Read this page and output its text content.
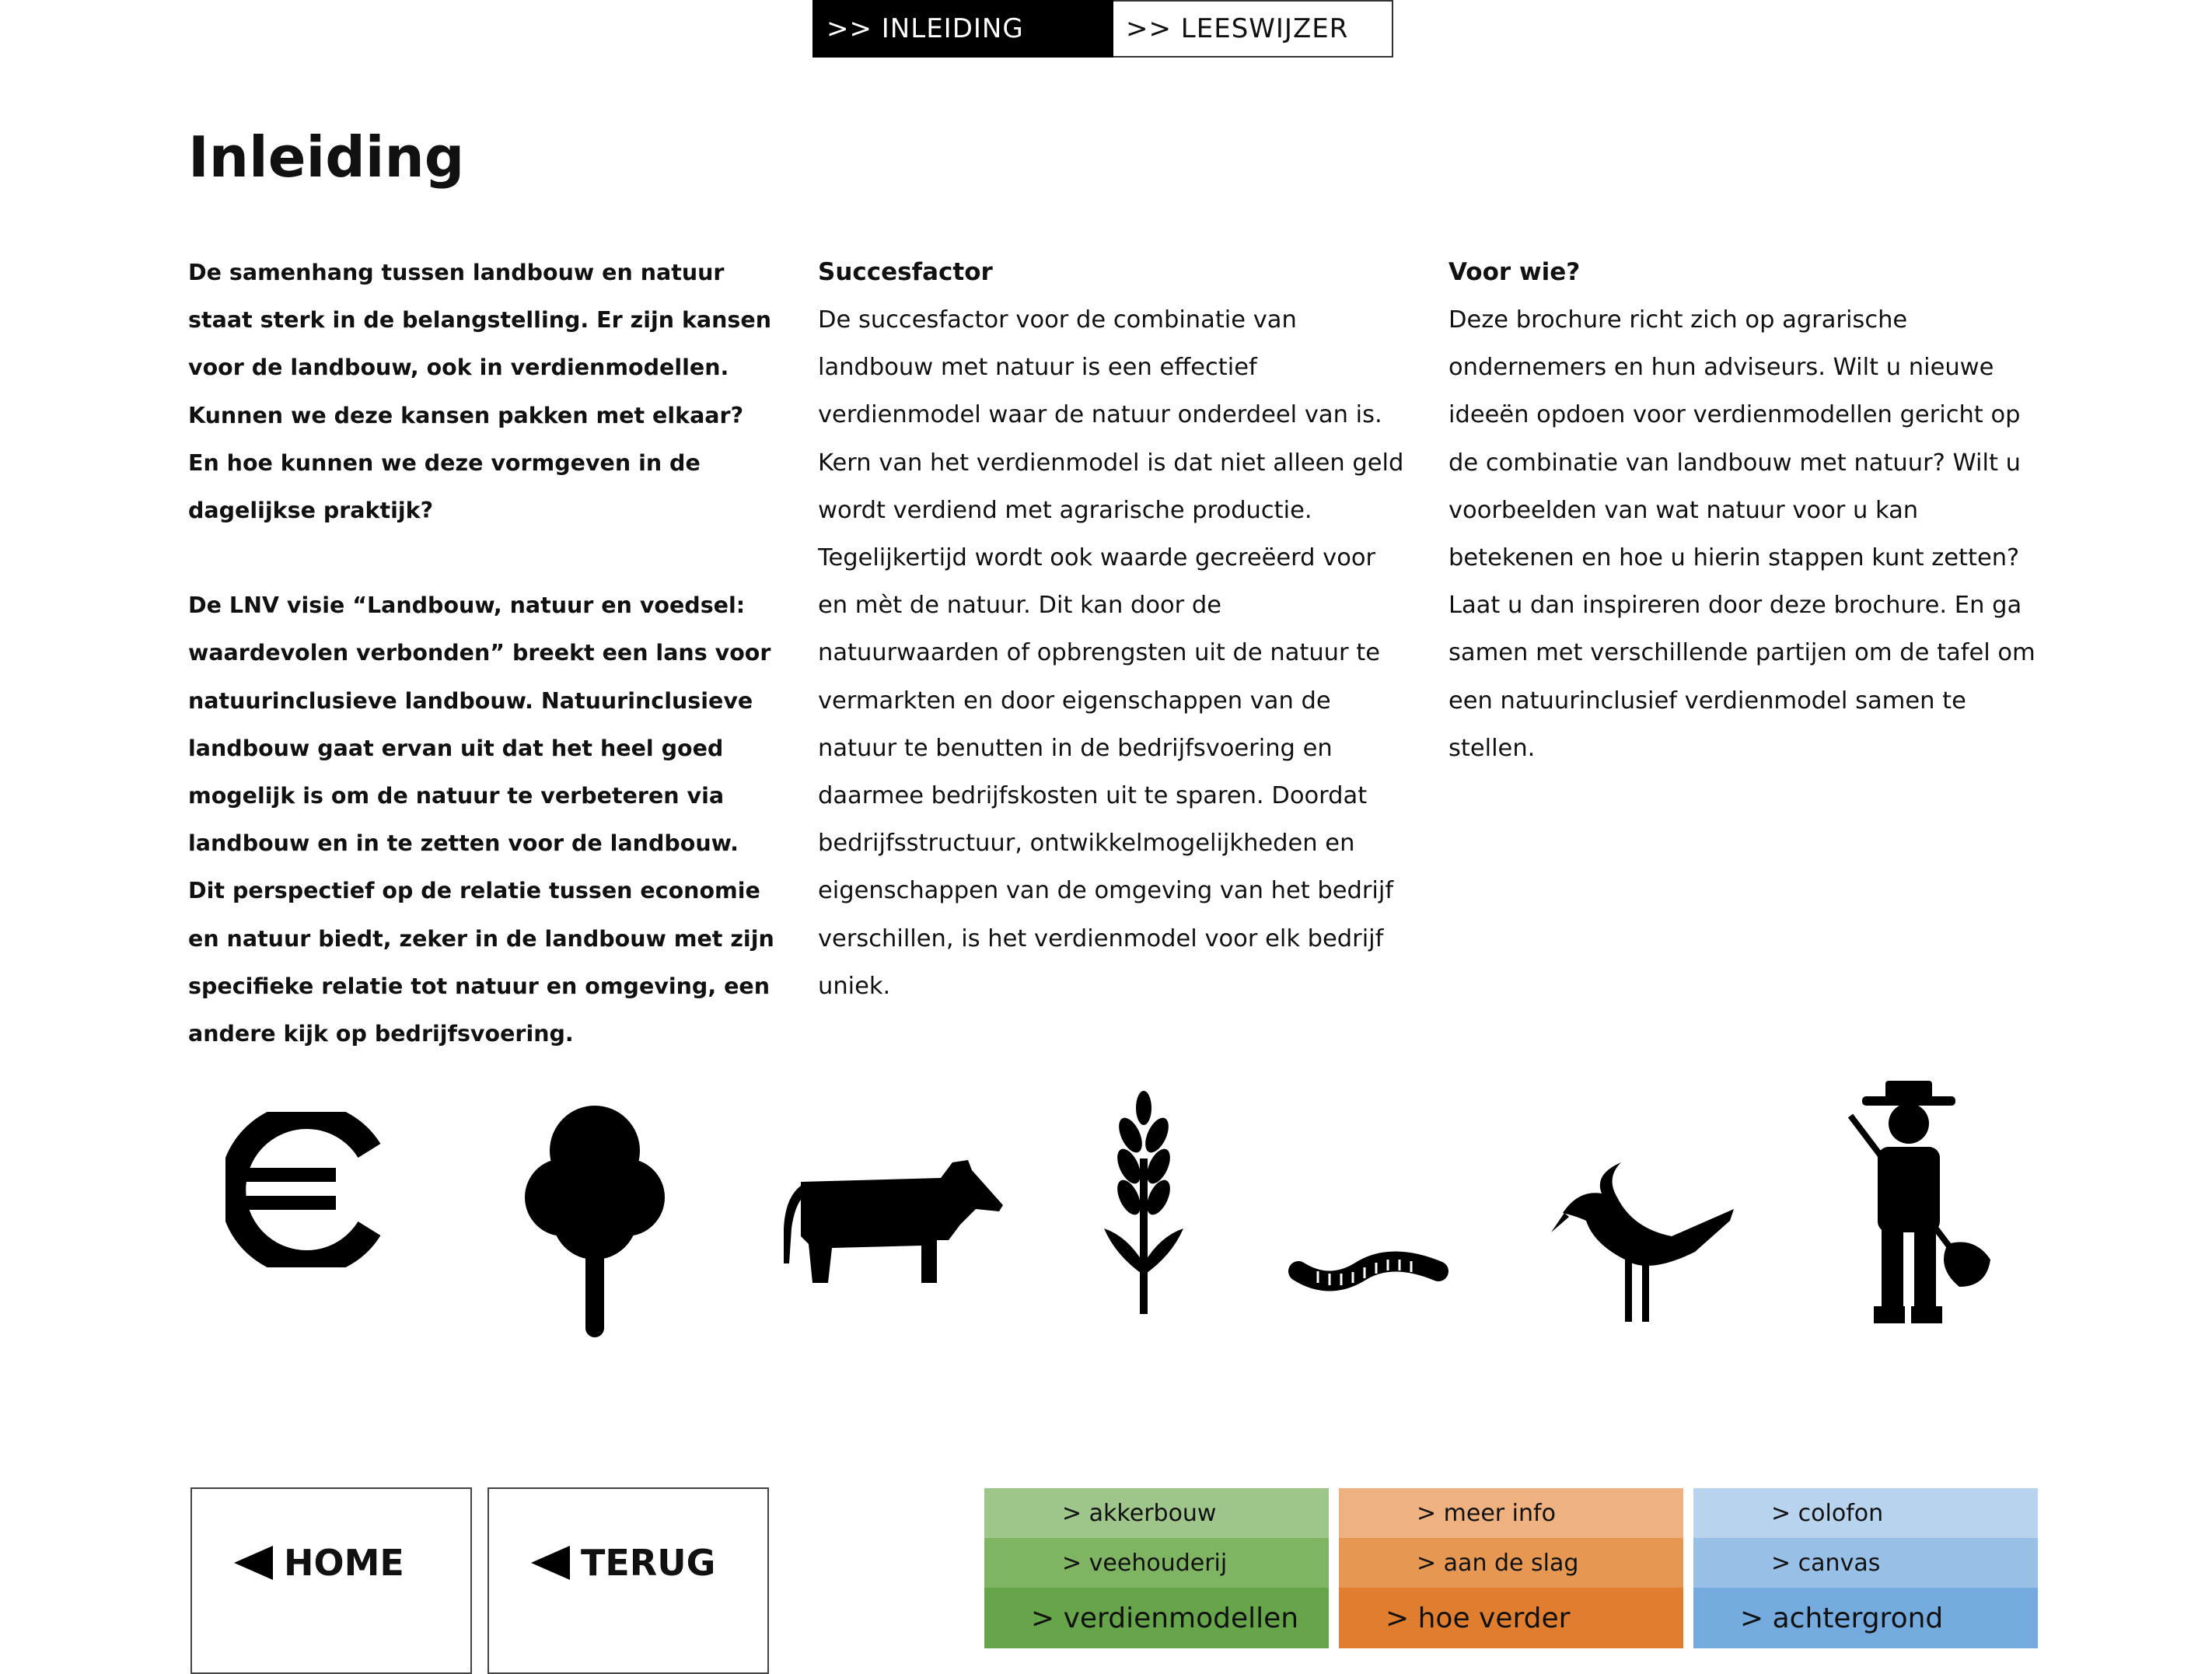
>> INLEIDING	>> LEESWIJZER
Inleiding

De samenhang tussen landbouw en natuur staat sterk in de belangstelling. Er zijn kansen voor de landbouw, ook in verdienmodellen. Kunnen we deze kansen pakken met elkaar? En hoe kunnen we deze vormgeven in de dagelijkse praktijk?

De LNV visie “Landbouw, natuur en voedsel: waardevolen verbonden” breekt een lans voor natuurinclusieve landbouw. Natuurinclusieve landbouw gaat ervan uit dat het heel goed mogelijk is om de natuur te verbeteren via landbouw en in te zetten voor de landbouw. Dit perspectief op de relatie tussen economie en natuur biedt, zeker in de landbouw met zijn specifieke relatie tot natuur en omgeving, een andere kijk op bedrijfsvoering.

Succesfactor

De succesfactor voor de combinatie van landbouw met natuur is een effectief verdienmodel waar de natuur onderdeel van is. Kern van het verdienmodel is dat niet alleen geld wordt verdiend met agrarische productie. Tegelijkertijd wordt ook waarde gecreëerd voor en mèt de natuur. Dit kan door de natuurwaarden of opbrengsten uit de natuur te vermarkten en door eigenschappen van de natuur te benutten in de bedrijfsvoering en daarmee bedrijfskosten uit te sparen. Doordat bedrijfsstructuur, ontwikkelmogelijkheden en eigenschappen van de omgeving van het bedrijf verschillen, is het verdienmodel voor elk bedrijf uniek.

Voor wie?

Deze brochure richt zich op agrarische ondernemers en hun adviseurs. Wilt u nieuwe ideeën opdoen voor verdienmodellen gericht op de combinatie van landbouw met natuur? Wilt u voorbeelden van wat natuur voor u kan betekenen en hoe u hierin stappen kunt zetten? Laat u dan inspireren door deze brochure. En ga samen met verschillende partijen om de tafel om een natuurinclusief verdienmodel samen te stellen.

HOME	TERUG
> akkerbouw
> veehouderij
> verdienmodellen
> meer info
> aan de slag
> hoe verder
> colofon
> canvas
> achtergrond
